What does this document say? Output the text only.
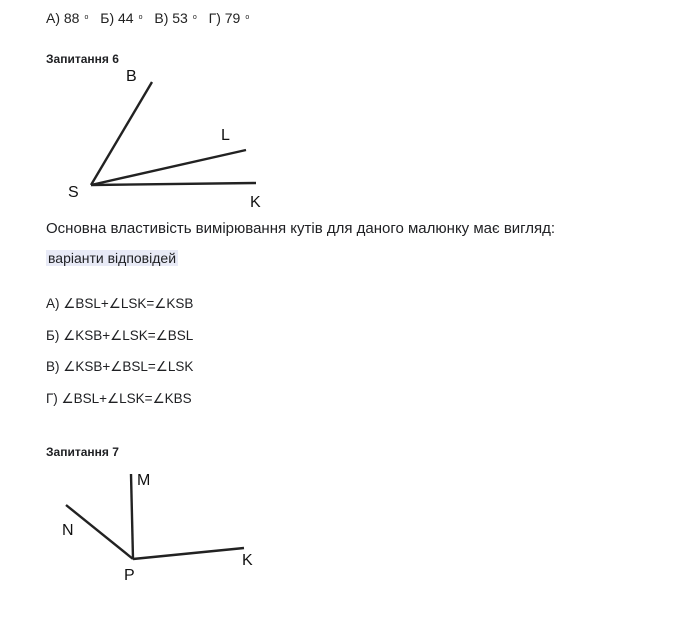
А) 88 $^о$ Б) 44 $^о$ В) 53 $^о$ Г) 79 $^о$
Запитання 6
B
L
S
K
M
N
P
K
Основна властивість вимірювання кутів для даного малюнку має вигляд:
варіанти відповідей
А) ∠BSL+∠LSK=∠KSB
Б) ∠KSB+∠LSK=∠BSL
В) ∠KSB+∠BSL=∠LSK
Г) ∠BSL+∠LSK=∠KBS
Запитання 7
